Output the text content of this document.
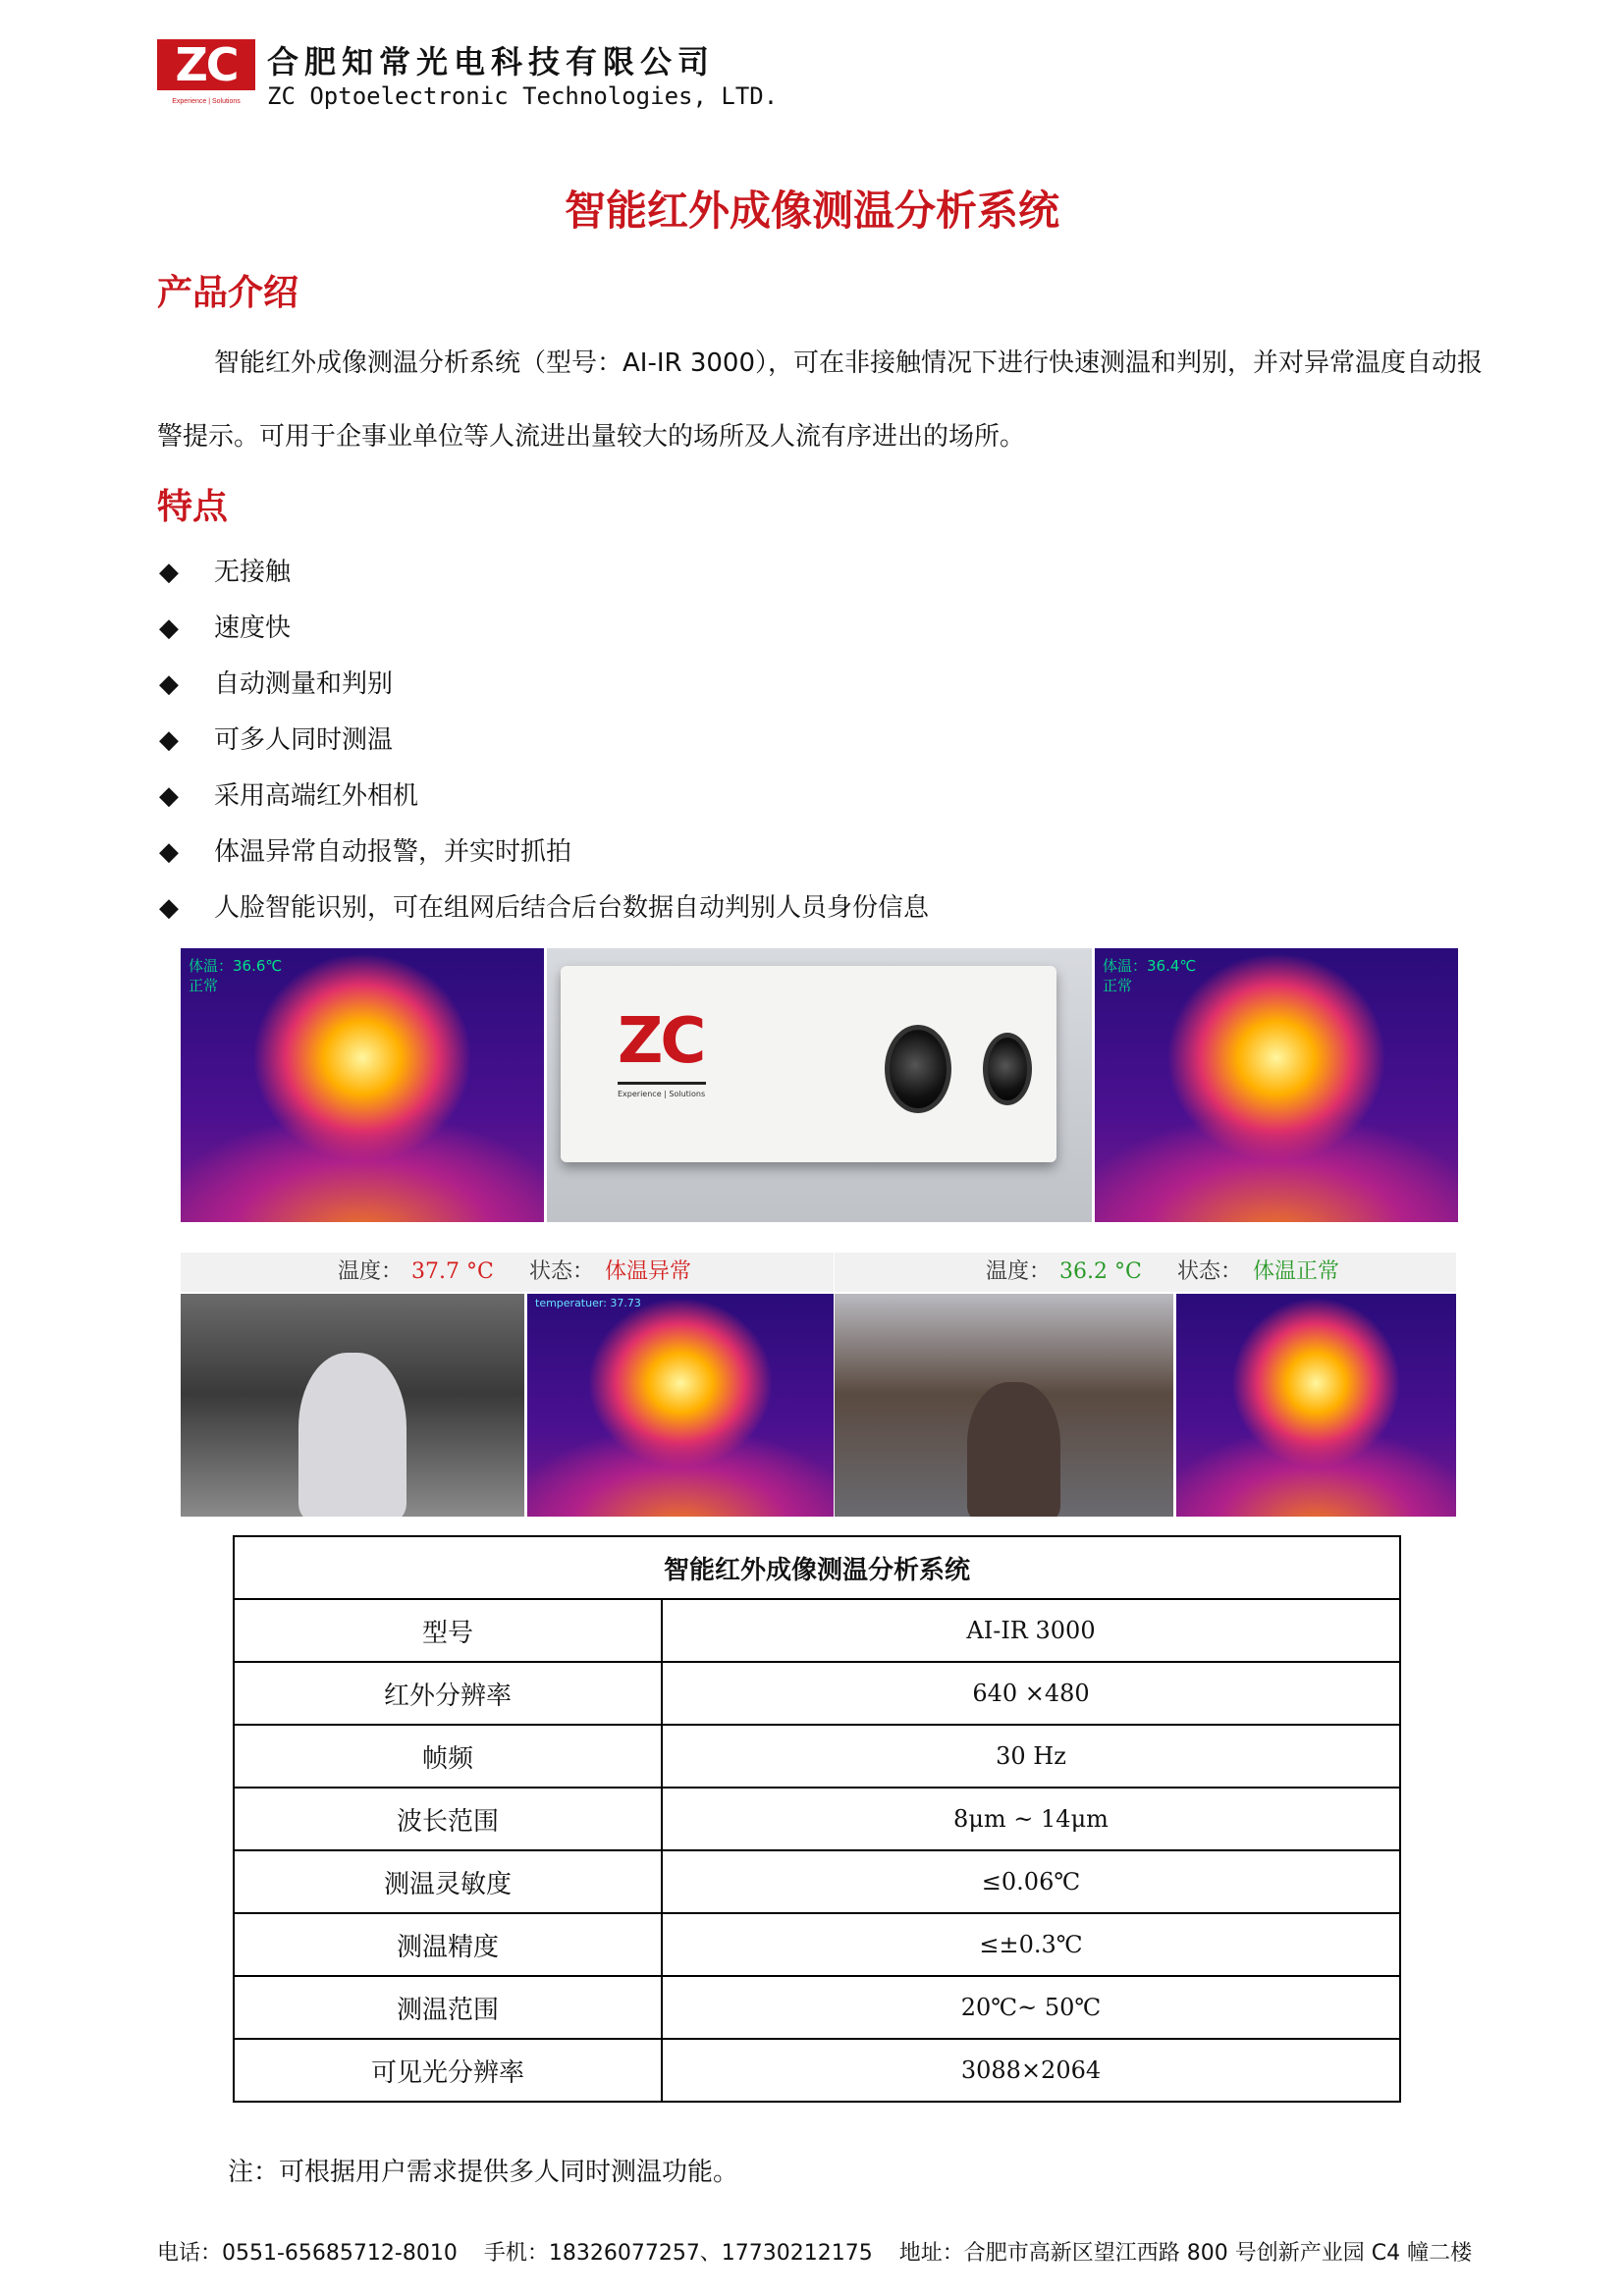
ZC
Experience | Solutions
合肥知常光电科技有限公司
ZC Optoelectronic Technologies, LTD.
智能红外成像测温分析系统
产品介绍

智能红外成像测温分析系统（型号：AI-IR 3000），可在非接触情况下进行快速测温和判别，并对异常温度自动报警提示。可用于企事业单位等人流进出量较大的场所及人流有序进出的场所。

特点
◆ 无接触
◆ 速度快
◆ 自动测量和判别
◆ 可多人同时测温
◆ 采用高端红外相机
◆ 体温异常自动报警，并实时抓拍
◆ 人脸智能识别，可在组网后结合后台数据自动判别人员身份信息
体温：36.6℃
正常
ZC
Experience | Solutions
体温：36.4℃
正常
温度： 37.7 °C 状态： 体温异常
temperatuer: 37.73
温度： 36.2 °C 状态： 体温正常
智能红外成像测温分析系统	
型号	AI-IR 3000
红外分辨率	640 ×480
帧频	30 Hz
波长范围	8μm ~ 14μm
测温灵敏度	≤0.06℃
测温精度	≤±0.3℃
测温范围	20℃~ 50℃
可见光分辨率	3088×2064
注：可根据用户需求提供多人同时测温功能。
电话：0551-65685712-8010 手机：18326077257、17730212175 地址：合肥市高新区望江西路 800 号创新产业园 C4 幢二楼
